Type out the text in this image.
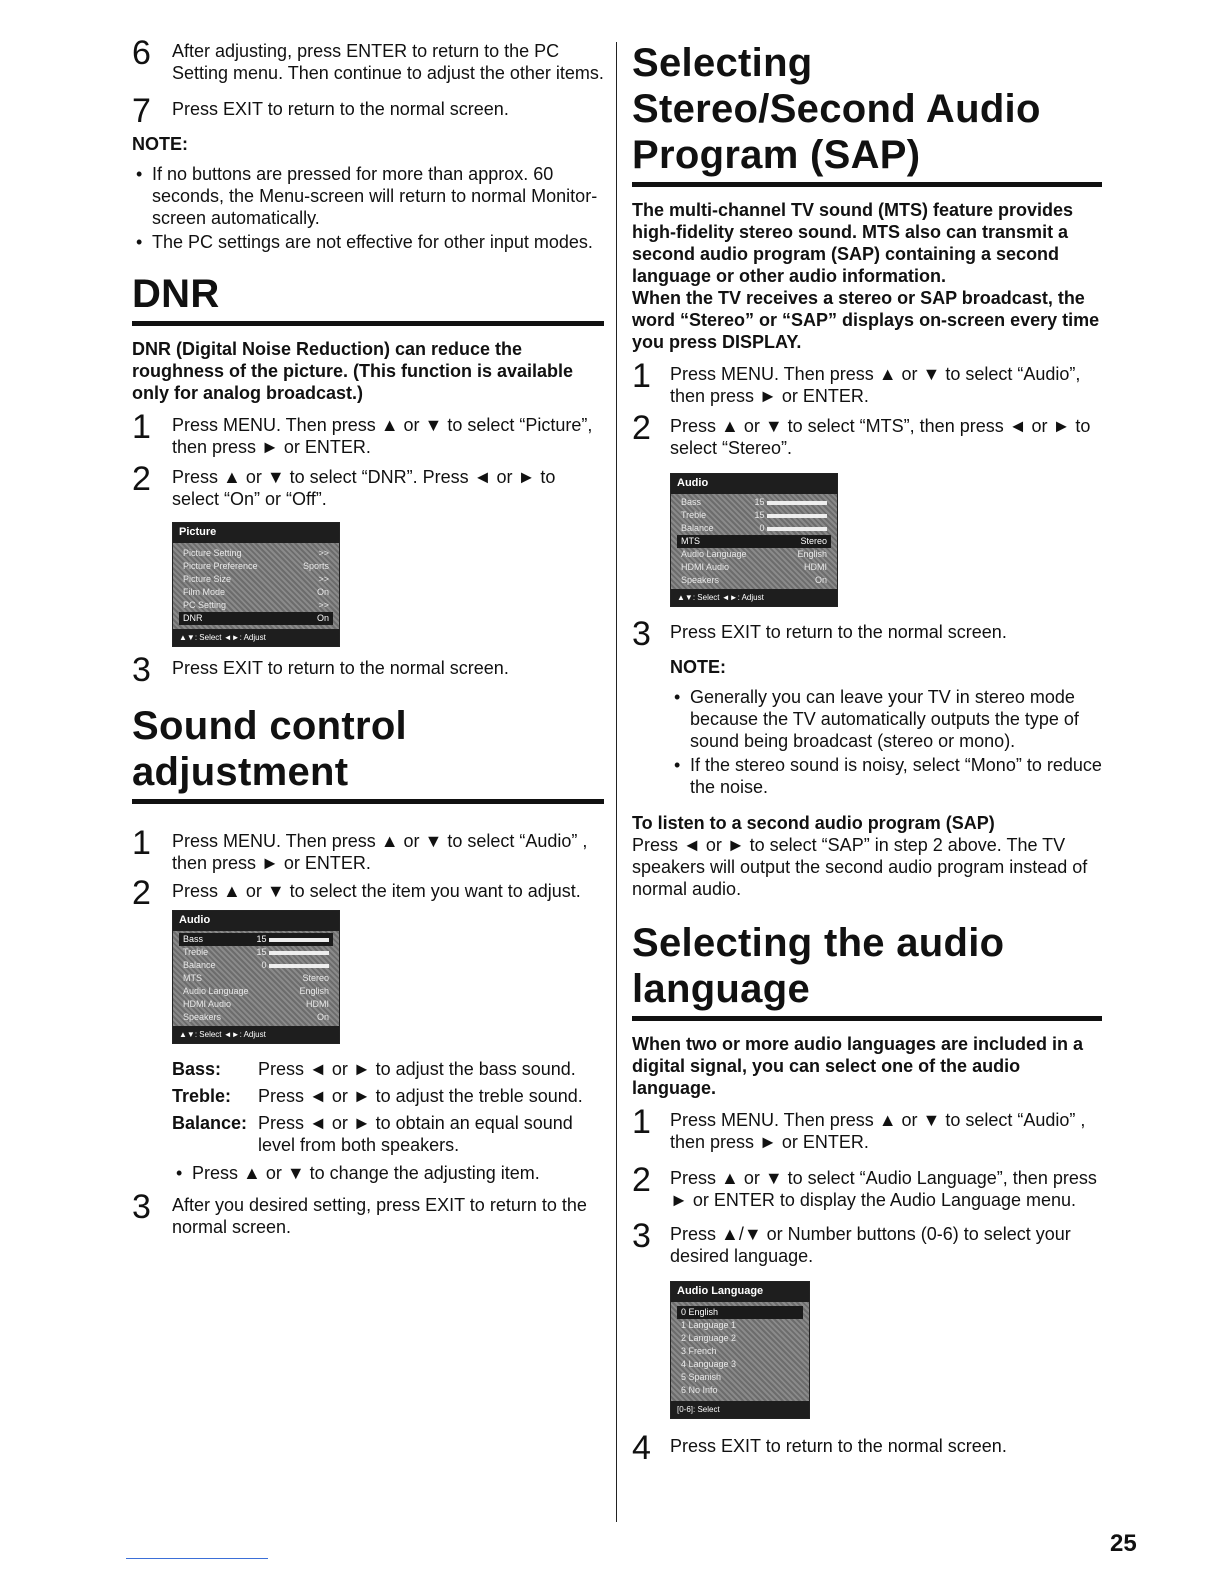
6 After adjusting, press ENTER to return to the PC Setting menu. Then continue to adjust the other items.
7 Press EXIT to return to the normal screen.
NOTE:
• If no buttons are pressed for more than approx. 60 seconds, the Menu-screen will return to normal Monitor-screen automatically.
• The PC settings are not effective for other input modes.
DNR
DNR (Digital Noise Reduction) can reduce the roughness of the picture. (This function is available only for analog broadcast.)
1 Press MENU. Then press ▲ or ▼ to select “Picture”, then press ► or ENTER.
2 Press ▲ or ▼ to select “DNR”. Press ◄ or ► to select “On” or “Off”.
Picture
Picture Setting	>>
Picture Preference	Sports
Picture Size	>>
Film Mode	On
PC Setting	>>
DNR	On
▲▼: Select ◄►: Adjust
3 Press EXIT to return to the normal screen.
Sound control adjustment
1 Press MENU. Then press ▲ or ▼ to select “Audio” , then press ► or ENTER.
2 Press ▲ or ▼ to select the item you want to adjust.
Audio
Bass	15
Treble	15
Balance	0
MTS	Stereo
Audio Language	English
HDMI Audio	HDMI
Speakers	On
▲▼: Select ◄►: Adjust
Bass:	Press ◄ or ► to adjust the bass sound.
Treble:	Press ◄ or ► to adjust the treble sound.
Balance: Press ◄ or ► to obtain an equal sound level from both speakers.
• Press ▲ or ▼ to change the adjusting item.
3 After you desired setting, press EXIT to return to the normal screen.
Selecting Stereo/Second Audio Program (SAP)
The multi-channel TV sound (MTS) feature provides high-fidelity stereo sound. MTS also can transmit a second audio program (SAP) containing a second language or other audio information.
When the TV receives a stereo or SAP broadcast, the word “Stereo” or “SAP” displays on-screen every time you press DISPLAY.
1 Press MENU. Then press ▲ or ▼ to select “Audio”, then press ► or ENTER.
2 Press ▲ or ▼ to select “MTS”, then press ◄ or ► to select “Stereo”.
Audio
Bass	15
Treble	15
Balance	0
MTS	Stereo
Audio Language	English
HDMI Audio	HDMI
Speakers	On
▲▼: Select ◄►: Adjust
3 Press EXIT to return to the normal screen.
NOTE:
• Generally you can leave your TV in stereo mode because the TV automatically outputs the type of sound being broadcast (stereo or mono).
• If the stereo sound is noisy, select “Mono” to reduce the noise.
To listen to a second audio program (SAP)
Press ◄ or ► to select “SAP” in step 2 above. The TV speakers will output the second audio program instead of normal audio.
Selecting the audio language
When two or more audio languages are included in a digital signal, you can select one of the audio language.
1 Press MENU. Then press ▲ or ▼ to select “Audio” , then press ► or ENTER.
2 Press ▲ or ▼ to select “Audio Language”, then press ► or ENTER to display the Audio Language menu.
3 Press ▲/▼ or Number buttons (0-6) to select your desired language.
Audio Language
0 English
1 Language 1
2 Language 2
3 French
4 Language 3
5 Spanish
6 No Info
[0-6]: Select
4 Press EXIT to return to the normal screen.
25
